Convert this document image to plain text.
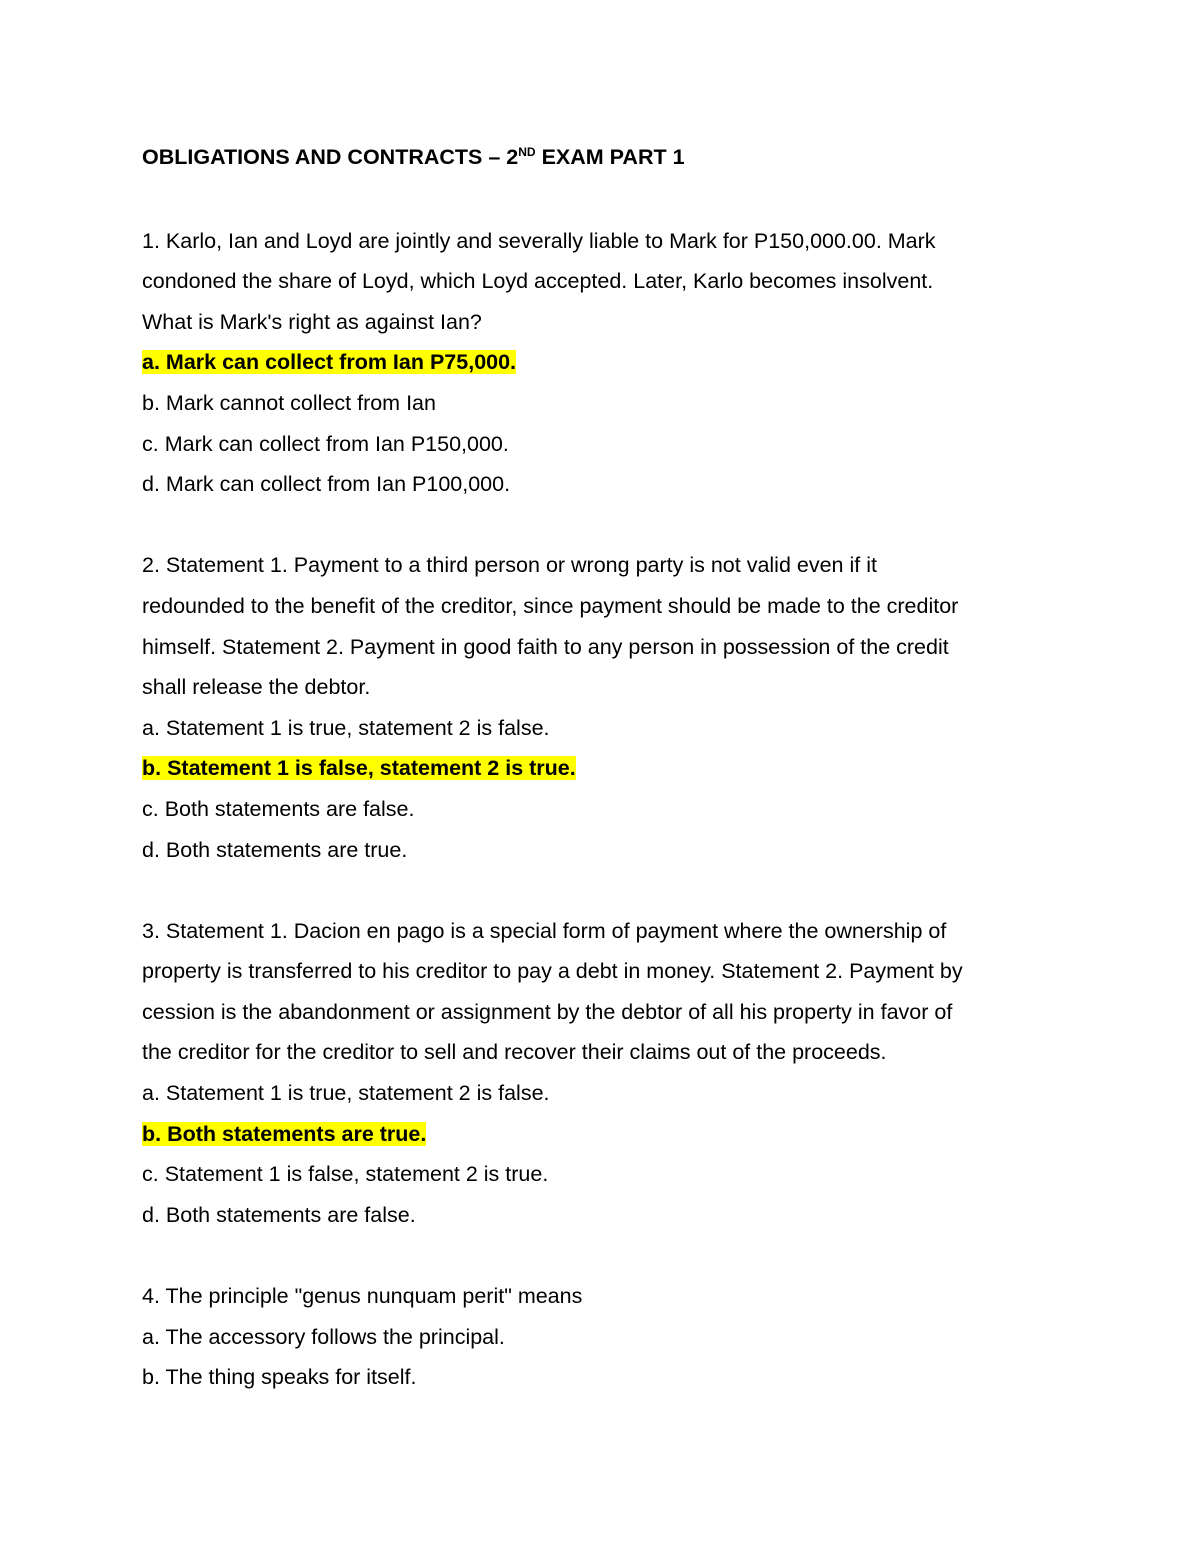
OBLIGATIONS AND CONTRACTS – 2ND EXAM PART 1
1. Karlo, Ian and Loyd are jointly and severally liable to Mark for P150,000.00. Mark
condoned the share of Loyd, which Loyd accepted. Later, Karlo becomes insolvent.
What is Mark's right as against Ian?
a. Mark can collect from Ian P75,000.
b. Mark cannot collect from Ian
c. Mark can collect from Ian P150,000.
d. Mark can collect from Ian P100,000.
2. Statement 1. Payment to a third person or wrong party is not valid even if it
redounded to the benefit of the creditor, since payment should be made to the creditor
himself. Statement 2. Payment in good faith to any person in possession of the credit
shall release the debtor.
a. Statement 1 is true, statement 2 is false.
b. Statement 1 is false, statement 2 is true.
c. Both statements are false.
d. Both statements are true.
3. Statement 1. Dacion en pago is a special form of payment where the ownership of
property is transferred to his creditor to pay a debt in money. Statement 2. Payment by
cession is the abandonment or assignment by the debtor of all his property in favor of
the creditor for the creditor to sell and recover their claims out of the proceeds.
a. Statement 1 is true, statement 2 is false.
b. Both statements are true.
c. Statement 1 is false, statement 2 is true.
d. Both statements are false.
4. The principle "genus nunquam perit" means
a. The accessory follows the principal.
b. The thing speaks for itself.
